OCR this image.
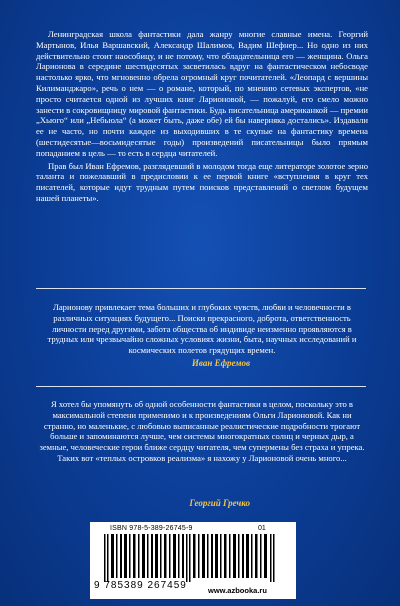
Ленинградская школа фантастики дала жанру многие славные имена. Георгий Мартынов, Илья Варшавский, Александр Шалимов, Вадим Шефнер... Но одно из них действительно стоит наособицу, и не потому, что обладательница его — женщина. Ольга Ларионова в середине шестидесятых засветилась вдруг на фантастическом небосводе настолько ярко, что мгновенно обрела огромный круг почитателей. «Леопард с вершины Килиманджаро», речь о нем — о романе, который, по мнению сетевых экспертов, «не просто считается одной из лучших книг Ларионовой, — пожалуй, его смело можно занести в сокровищницу мировой фантастики. Будь писательница американкой — премии „Хьюго“ или „Небьюла“ (а может быть, даже обе) ей бы наверняка достались». Издавали ее не часто, но почти каждое из выходивших в те скупые на фантастику времена (шестидесятые—восьмидесятые годы) произведений писательницы было прямым попаданием в цель — то есть в сердца читателей.

Прав был Иван Ефремов, разглядевший в молодом тогда еще литераторе золотое зерно таланта и пожелавший в предисловии к ее первой книге «вступления в круг тех писателей, которые идут трудным путем поисков представлений о светлом будущем нашей планеты».

Ларионову привлекает тема больших и глубоких чувств, любви и человечности в различных ситуациях будущего... Поиски прекрасного, доброта, ответственность личности перед другими, забота общества об индивиде неизменно проявляются в трудных или чрезвычайно сложных условиях жизни, быта, научных исследований и космических полетов грядущих времен.

Иван Ефремов

Я хотел бы упомянуть об одной особенности фантастики в целом, поскольку это в максимальной степени применимо и к произведениям Ольги Ларионовой. Как ни странно, но маленькие, с любовью выписанные реалистические подробности трогают больше и запоминаются лучше, чем системы многократных солнц и черных дыр, а земные, человеческие герои ближе сердцу читателя, чем супермены без страха и упрека. Таких вот «теплых островков реализма» я нахожу у Ларионовой очень много...

Георгий Гречко
ISBN 978-5-389-26745-9	01
9 785389 267459	www.azbooka.ru
